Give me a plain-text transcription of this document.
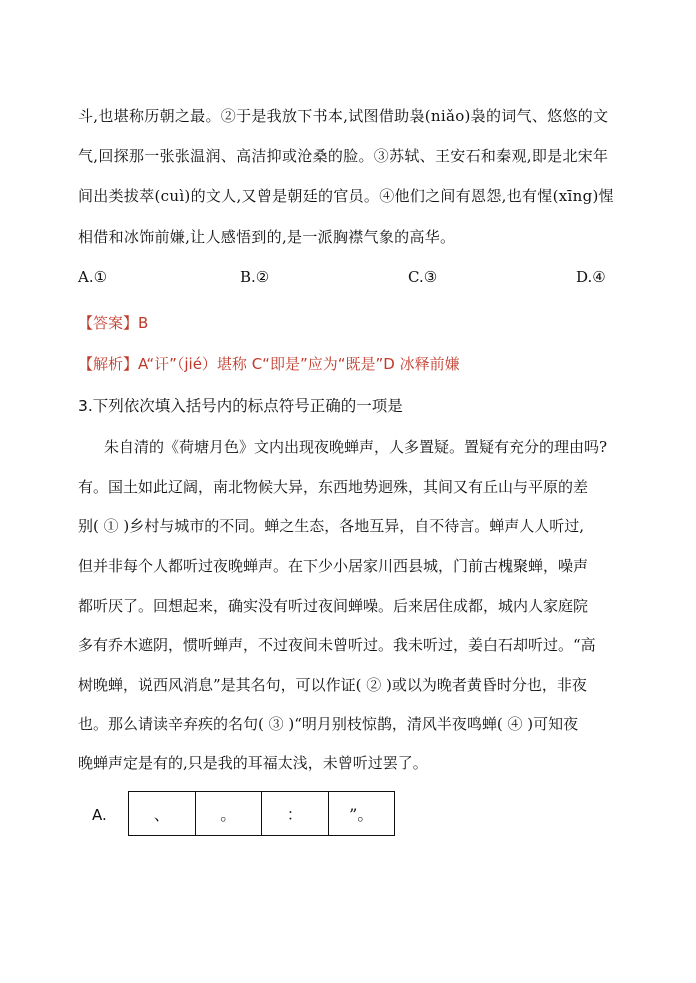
斗,也堪称历朝之最。②于是我放下书本,试图借助袅(niǎo)袅的词气、悠悠的文
气,回探那一张张温润、高洁抑或沧桑的脸。③苏轼、王安石和秦观,即是北宋年
间出类拔萃(cuì)的文人,又曾是朝廷的官员。④他们之间有恩怨,也有惺(xīng)惺
相借和冰饰前嫌,让人感悟到的,是一派胸襟气象的高华。
A.①	B.②	C.③	D.④
【答案】B
【解析】A“讦”（jié）堪称 C“即是”应为“既是”D 冰释前嫌
3.下列依次填入括号内的标点符号正确的一项是
朱自清的《荷塘月色》文内出现夜晚蝉声，人多置疑。置疑有充分的理由吗?
有。国土如此辽阔，南北物候大异，东西地势迥殊，其间又有丘山与平原的差
别( ① )乡村与城市的不同。蝉之生态，各地互异，自不待言。蝉声人人听过,
但并非每个人都听过夜晚蝉声。在下少小居家川西县城，门前古槐聚蝉，噪声
都听厌了。回想起来，确实没有听过夜间蝉噪。后来居住成都，城内人家庭院
多有乔木遮阴，惯听蝉声，不过夜间未曾听过。我未听过，姜白石却听过。“高
树晚蝉，说西风消息”是其名句，可以作证( ② )或以为晚者黄昏时分也，非夜
也。那么请读辛弃疾的名句( ③ )“明月别枝惊鹊，清风半夜鸣蝉( ④ )可知夜
晚蝉声定是有的,只是我的耳福太浅，未曾听过罢了。
A.	、	。	：	”。
